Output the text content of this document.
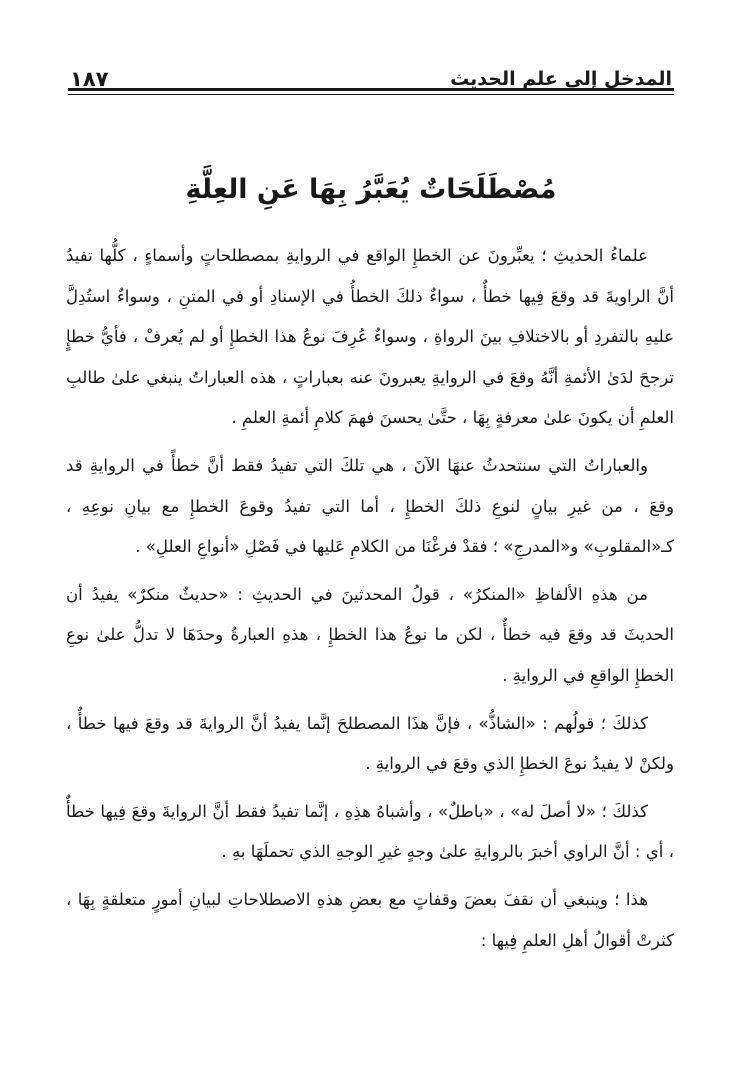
المدخل إلى علم الحديث
١٨٧
مُصْطَلَحَاتٌ يُعَبَّرُ بِهَا عَنِ العِلَّةِ

علماءُ الحديثِ ؛ يعبِّرونَ عن الخطإِ الواقع في الروايةِ بمصطلحاتٍ وأسماءٍ ، كلُّها تفيدُ أنَّ الراويةَ قد وقعَ فِيها خطأٌ ، سواءٌ ذلكَ الخطأُ في الإسنادِ أو في المتنِ ، وسواءٌ استُدِلَّ عليهِ بالتفردِ أو بالاختلافِ بينَ الرواةِ ، وسواءٌ عُرِفَ نوعُ هذا الخطإِ أو لم يُعرفْ ، فأيُّ خطإٍ ترجحَ لدَىٰ الأئمةِ أنَّهُ وقعَ في الروايةِ يعبرونَ عنه بعباراتٍ ، هذه العباراتُ ينبغي علىٰ طالبِ العلمِ أن يكونَ علىٰ معرفةٍ بِهَا ، حتَّىٰ يحسنَ فهمَ كلامِ أئمةِ العلمِ .

والعباراتُ التي سنتحدثُ عنهَا الآنَ ، هي تلكَ التي تفيدُ فقط أنَّ خطأً في الروايةِ قد وقعَ ، من غيرِ بيانٍ لنوعِ ذلكَ الخطإِ ، أما التي تفيدُ وقوعَ الخطإِ مع بيانِ نوعِهِ ، كـ«المقلوبِ» و«المدرجِ» ؛ فقدْ فرغْنَا من الكلامِ عَليها في فَصْلِ «أنواعِ العللِ» .

من هذهِ الألفاظِ «المنكرُ» ، قولُ المحدثينَ في الحديثِ : «حديثٌ منكرٌ» يفيدُ أن الحديثَ قد وقعَ فيه خطأٌ ، لكن ما نوعُ هذا الخطإِ ، هذهِ العبارةُ وحدَهَا لا تدلُّ علىٰ نوعِ الخطإِ الواقعِ في الروايةِ .

كذلكَ ؛ قولُهم : «الشاذُّ» ، فإنَّ هذَا المصطلحَ إنَّما يفيدُ أنَّ الروايةَ قد وقعَ فيها خطأٌ ، ولكنْ لا يفيدُ نوعَ الخطإِ الذي وقعَ في الروايةِ .

كذلكَ ؛ «لا أصلَ له» ، «باطلٌ» ، وأشباهُ هذِهِ ، إنَّما تفيدُ فقط أنَّ الروايةَ وقعَ فِيها خطأٌ ، أي : أنَّ الراوي أخبرَ بالروايةِ علىٰ وجهٍ غيرِ الوجهِ الذي تحملَهَا بهِ .

هذا ؛ وينبغي أن نقفَ بعضَ وقفاتٍ مع بعضِ هذهِ الاصطلاحاتِ لبيانِ أمورٍ متعلقةٍ بِهَا ، كثرتْ أقوالُ أهلِ العلمِ فِيها :
